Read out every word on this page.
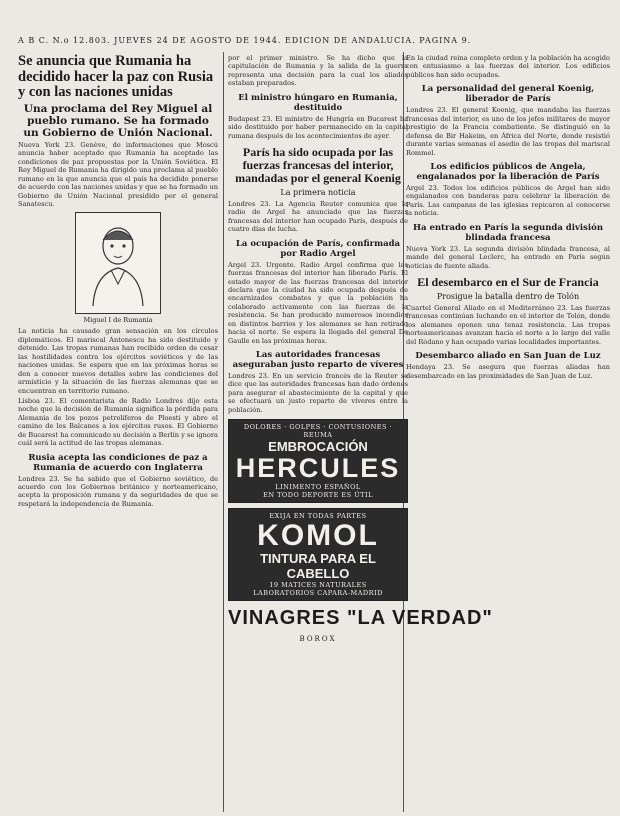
A B C. N.o 12.803. JUEVES 24 DE AGOSTO DE 1944. EDICION DE ANDALUCIA. PAGINA 9.
Se anuncia que Rumania ha decidido hacer la paz con Rusia y con las naciones unidas
Una proclama del Rey Miguel al pueblo rumano. Se ha formado un Gobierno de Unión Nacional.

Nueva York 23. Genève, de informaciones que Moscú anuncia haber aceptado que Rumania ha aceptado las condiciones de paz propuestas por la Unión Soviética. El Rey Miguel de Rumania ha dirigido una proclama al pueblo rumano en la que anuncia que el país ha decidido ponerse de acuerdo con las naciones unidas y que se ha formado un Gobierno de Unión Nacional presidido por el general Sanatescu.

Miguel I de Rumania

La noticia ha causado gran sensación en los círculos diplomáticos. El mariscal Antonescu ha sido destituido y detenido. Las tropas rumanas han recibido orden de cesar las hostilidades contra los ejércitos soviéticos y de las naciones unidas. Se espera que en las próximas horas se den a conocer nuevos detalles sobre las condiciones del armisticio y la situación de las fuerzas alemanas que se encuentran en territorio rumano.

Lisboa 23. El comentarista de Radio Londres dijo esta noche que la decisión de Rumania significa la pérdida para Alemania de los pozos petrolíferos de Ploesti y abre el camino de los Balcanes a los ejércitos rusos. El Gobierno de Bucarest ha comunicado su decisión a Berlín y se ignora cuál será la actitud de las tropas alemanas.

Rusia acepta las condiciones de paz a Rumania de acuerdo con Inglaterra

Londres 23. Se ha sabido que el Gobierno soviético, de acuerdo con los Gobiernos británico y norteamericano, acepta la proposición rumana y da seguridades de que se respetará la independencia de Rumania.

por el primer ministro. Se ha dicho que la capitulación de Rumania y la salida de la guerra representa una decisión para la cual los aliados estaban preparados.

El ministro húngaro en Rumania, destituido

Budapest 23. El ministro de Hungría en Bucarest ha sido destituido por haber permanecido en la capital rumana después de los acontecimientos de ayer.

París ha sido ocupada por las fuerzas francesas del interior, mandadas por el general Koenig
La primera noticia

Londres 23. La Agencia Reuter comunica que la radio de Argel ha anunciado que las fuerzas francesas del interior han ocupado París, después de cuatro días de lucha.

La ocupación de París, confirmada por Radio Argel

Argel 23. Urgente. Radio Argel confirma que las fuerzas francesas del interior han liberado París. El estado mayor de las fuerzas francesas del interior declara que la ciudad ha sido ocupada después de encarnizados combates y que la población ha colaborado activamente con las fuerzas de la resistencia. Se han producido numerosos incendios en distintos barrios y los alemanes se han retirado hacia el norte. Se espera la llegada del general De Gaulle en las próximas horas.

Las autoridades francesas aseguraban justo reparto de víveres

Londres 23. En un servicio francés de la Reuter se dice que las autoridades francesas han dado órdenes para asegurar el abastecimiento de la capital y que se efectuará un justo reparto de víveres entre la población.

DOLORES · GOLPES · CONTUSIONES · REUMA
EMBROCACIÓN
HERCULES
LINIMENTO ESPAÑOL
EN TODO DEPORTE ES ÚTIL
EXIJA EN TODAS PARTES
KOMOL
TINTURA PARA EL CABELLO
19 MATICES NATURALES
LABORATORIOS CAPARA-MADRID
VINAGRES "LA VERDAD"
BOROX

En la ciudad reina completo orden y la población ha acogido con entusiasmo a las fuerzas del interior. Los edificios públicos han sido ocupados.

La personalidad del general Koenig, liberador de París

Londres 23. El general Koenig, que mandaba las fuerzas francesas del interior, es uno de los jefes militares de mayor prestigio de la Francia combatiente. Se distinguió en la defensa de Bir Hakeim, en África del Norte, donde resistió durante varias semanas el asedio de las tropas del mariscal Rommel.

Los edificios públicos de Angela, engalanados por la liberación de París

Argel 23. Todos los edificios públicos de Argel han sido engalanados con banderas para celebrar la liberación de París. Las campanas de las iglesias repicaron al conocerse la noticia.

Ha entrado en París la segunda división blindada francesa

Nueva York 23. La segunda división blindada francesa, al mando del general Leclerc, ha entrado en París según noticias de fuente aliada.

El desembarco en el Sur de Francia
Prosigue la batalla dentro de Tolón

Cuartel General Aliado en el Mediterráneo 23. Las fuerzas francesas continúan luchando en el interior de Tolón, donde los alemanes oponen una tenaz resistencia. Las tropas norteamericanas avanzan hacia el norte a lo largo del valle del Ródano y han ocupado varias localidades importantes.

Desembarco aliado en San Juan de Luz

Hendaya 23. Se asegura que fuerzas aliadas han desembarcado en las proximidades de San Juan de Luz.
